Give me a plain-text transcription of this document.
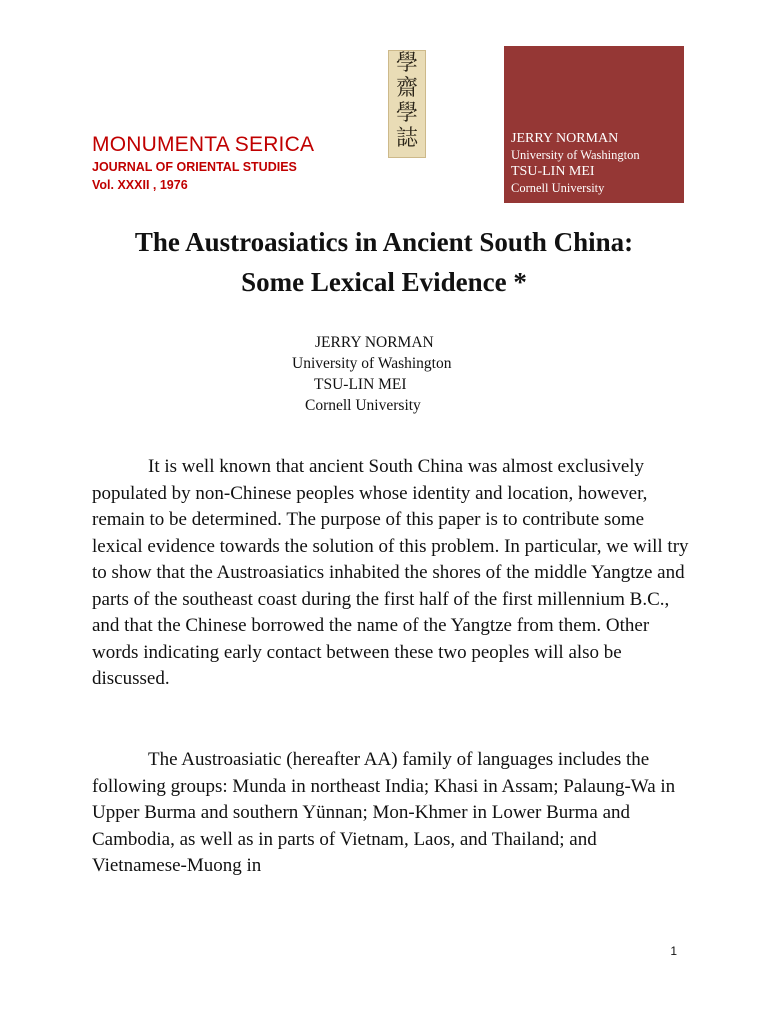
MONUMENTA SERICA
JOURNAL OF ORIENTAL STUDIES
Vol. XXXII , 1976
學
齋
學
誌	JERRY NORMAN
University of Washington
TSU-LIN MEI
Cornell University
The Austroasiatics in Ancient South China:
Some Lexical Evidence *
JERRY NORMAN
University of Washington
TSU-LIN MEI
Cornell University

It is well known that ancient South China was almost exclusively populated by non-Chinese peoples whose identity and location, however, remain to be determined. The purpose of this paper is to contribute some lexical evidence towards the solution of this problem. In particular, we will try to show that the Austroasiatics inhabited the shores of the middle Yangtze and parts of the southeast coast during the first half of the first millennium B.C., and that the Chinese borrowed the name of the Yangtze from them. Other words indicating early contact between these two peoples will also be discussed.

The Austroasiatic (hereafter AA) family of languages includes the following groups: Munda in northeast India; Khasi in Assam; Palaung-Wa in Upper Burma and southern Yünnan; Mon-Khmer in Lower Burma and Cambodia, as well as in parts of Vietnam, Laos, and Thailand; and Vietnamese-Muong in

1
